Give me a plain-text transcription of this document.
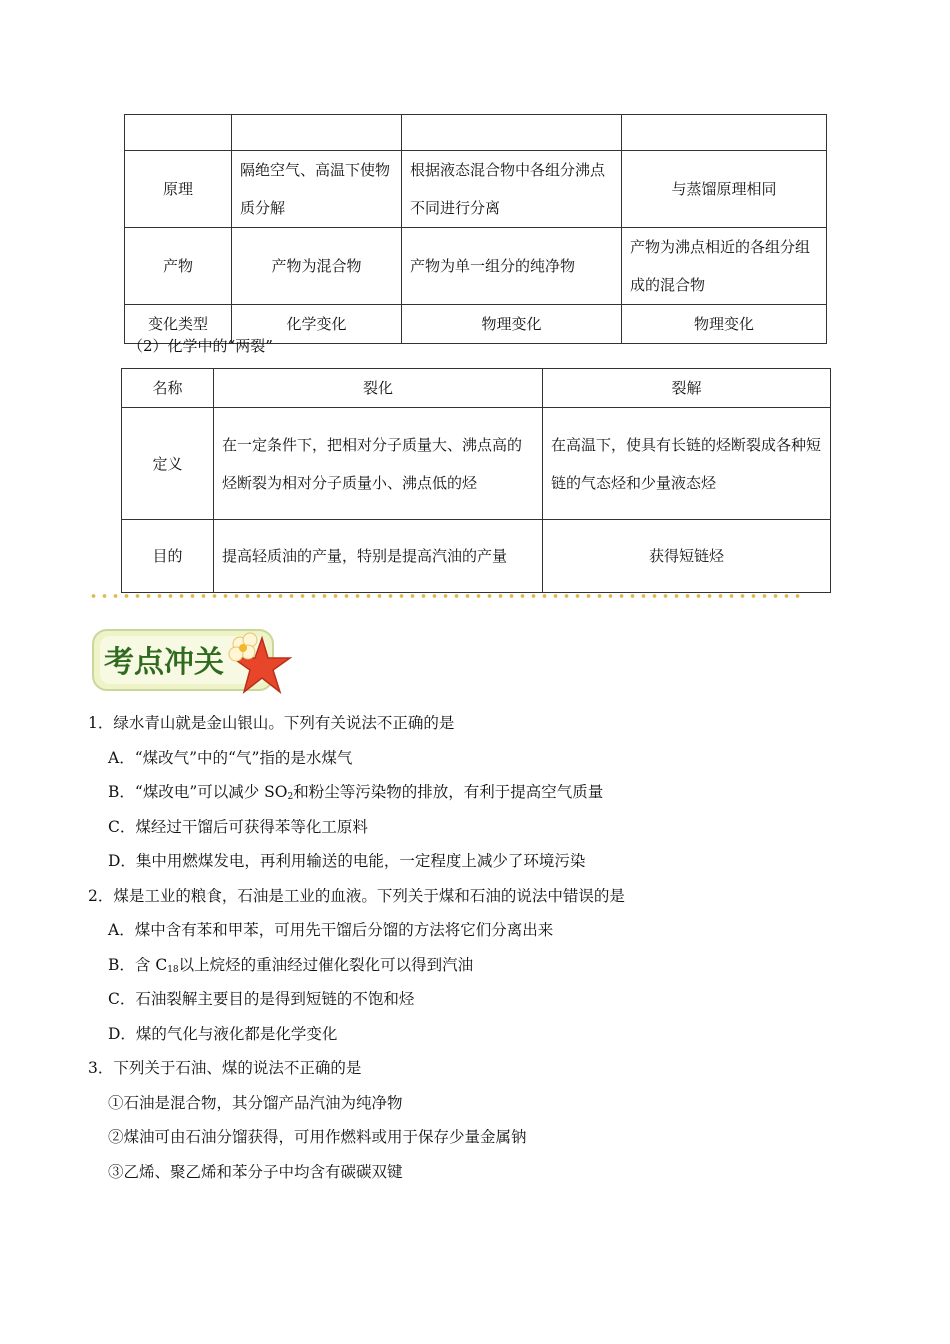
原理	隔绝空气、高温下使物质分解	根据液态混合物中各组分沸点不同进行分离	与蒸馏原理相同
产物	产物为混合物	产物为单一组分的纯净物	产物为沸点相近的各组分组成的混合物
变化类型	化学变化	物理变化	物理变化
（2）化学中的“两裂”
名称	裂化	裂解
定义	在一定条件下，把相对分子质量大、沸点高的烃断裂为相对分子质量小、沸点低的烃	在高温下，使具有长链的烃断裂成各种短链的气态烃和少量液态烃
目的	提高轻质油的产量，特别是提高汽油的产量	获得短链烃
考点冲关
1．绿水青山就是金山银山。下列有关说法不正确的是
A．“煤改气”中的“气”指的是水煤气
B．“煤改电”可以减少 $SO_2$和粉尘等污染物的排放，有利于提高空气质量
C．煤经过干馏后可获得苯等化工原料
D．集中用燃煤发电，再利用输送的电能，一定程度上减少了环境污染
2．煤是工业的粮食，石油是工业的血液。下列关于煤和石油的说法中错误的是
A．煤中含有苯和甲苯，可用先干馏后分馏的方法将它们分离出来
B．含 $C_{18}$以上烷烃的重油经过催化裂化可以得到汽油
C．石油裂解主要目的是得到短链的不饱和烃
D．煤的气化与液化都是化学变化
3．下列关于石油、煤的说法不正确的是
①石油是混合物，其分馏产品汽油为纯净物
②煤油可由石油分馏获得，可用作燃料或用于保存少量金属钠
③乙烯、聚乙烯和苯分子中均含有碳碳双键
